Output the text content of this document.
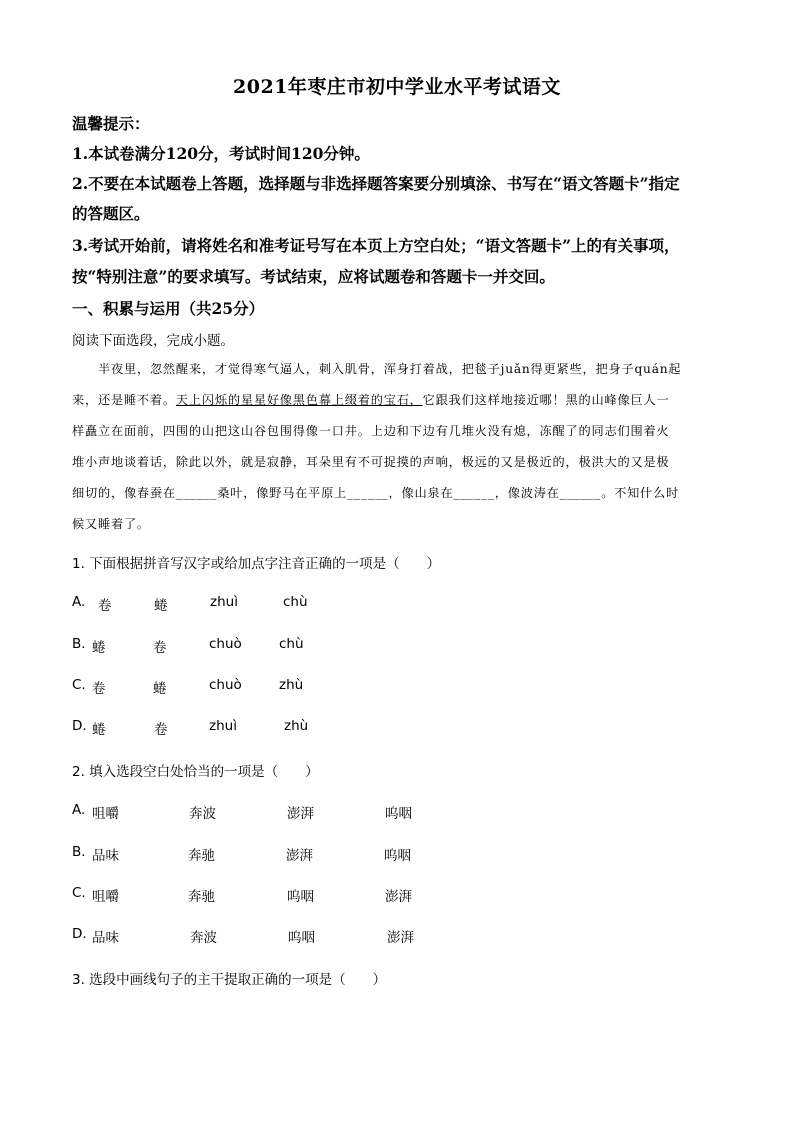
2021年枣庄市初中学业水平考试语文
温馨提示：
1.本试卷满分120分，考试时间120分钟。
2.不要在本试题卷上答题，选择题与非选择题答案要分别填涂、书写在“语文答题卡”指定
的答题区。
3.考试开始前，请将姓名和准考证号写在本页上方空白处；“语文答题卡”上的有关事项，
按“特别注意”的要求填写。考试结束，应将试题卷和答题卡一并交回。
一、积累与运用（共25分）
阅读下面选段，完成小题。
半夜里，忽然醒来，才觉得寒气逼人，刺入肌骨，浑身打着战，把毯子juǎn得更紧些，把身子quán起
来，还是睡不着。天上闪烁的星星好像黑色幕上缀着的宝石，它跟我们这样地接近哪！黑的山峰像巨人一
样矗立在面前，四围的山把这山谷包围得像一口井。上边和下边有几堆火没有熄，冻醒了的同志们围着火
堆小声地谈着话，除此以外，就是寂静，耳朵里有不可捉摸的声响，极远的又是极近的，极洪大的又是极
细切的，像春蚕在______桑叶，像野马在平原上______，像山泉在______，像波涛在______。不知什么时
候又睡着了。
1. 下面根据拼音写汉字或给加点字注音正确的一项是（　　）
A. 卷	蜷	zhuì	chù
B. 蜷	卷	chuò	chù
C. 卷	蜷	chuò	zhù
D. 蜷	卷	zhuì	zhù
2. 填入选段空白处恰当的一项是（　　）
A. 咀嚼	奔波	澎湃	呜咽
B. 品味	奔驰	澎湃	呜咽
C. 咀嚼	奔驰	呜咽	澎湃
D. 品味	奔波	呜咽	澎湃
3. 选段中画线句子的主干提取正确的一项是（　　）
